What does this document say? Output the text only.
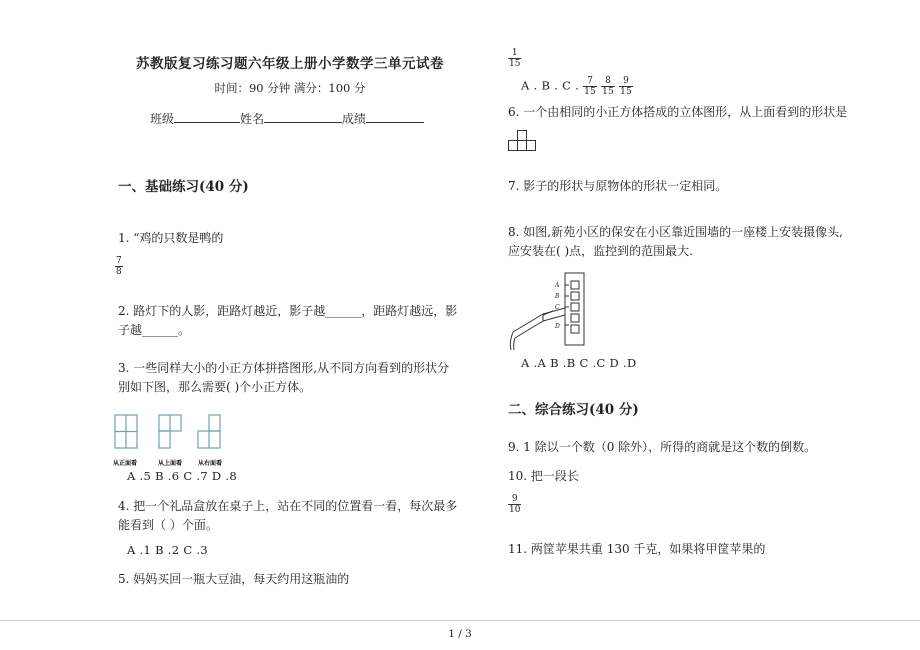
苏教版复习练习题六年级上册小学数学三单元试卷
时间：90 分钟 满分：100 分
班级	姓名	成绩
一、基础练习(40 分)
1. “鸡的只数是鸭的
$\frac{7}{8}$
2. 路灯下的人影，距路灯越近，影子越______，距路灯越远，影
子越______。
3. 一些同样大小的小正方体拼搭图形,从不同方向看到的形状分
别如下图，那么需要( )个小正方体。
从正面看	从上面看	从右面看
A .5 B .6 C .7 D .8
4. 把一个礼品盒放在桌子上，站在不同的位置看一看，每次最多
能看到（ ）个面。
A .1 B .2 C .3
5. 妈妈买回一瓶大豆油，每天约用这瓶油的
$\frac{1}{15}$
A . B . C . $\frac{7}{15}$
$\frac{8}{15}$
$\frac{9}{15}$
6. 一个由相同的小正方体搭成的立体图形，从上面看到的形状是
7. 影子的形状与原物体的形状一定相同。
8. 如图,新苑小区的保安在小区靠近围墙的一座楼上安装摄像头,
应安装在( )点，监控到的范围最大.
A
B
C
D
A .A B .B C .C D .D
二、综合练习(40 分)
9. 1 除以一个数（0 除外），所得的商就是这个数的倒数。
10. 把一段长
$\frac{9}{10}$
11. 两筐苹果共重 130 千克，如果将甲筐苹果的
1 / 3
